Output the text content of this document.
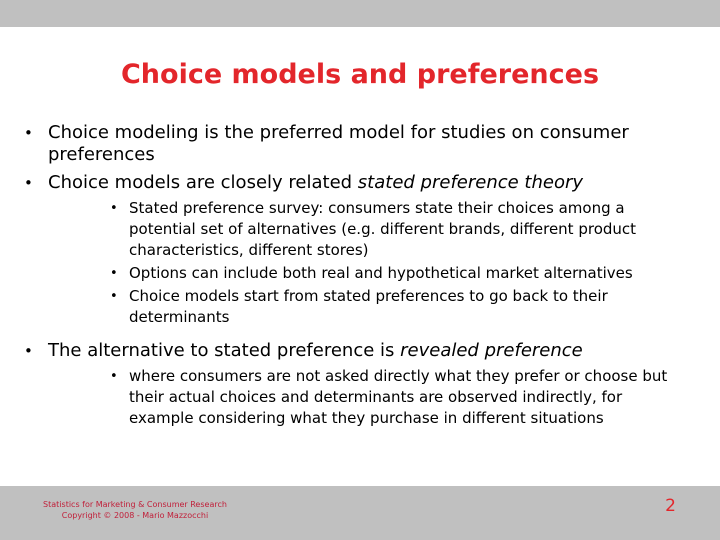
Choice models and preferences
• Choice modeling is the preferred model for studies on consumer preferences
• Choice models are closely related stated preference theory
• Stated preference survey: consumers state their choices among a potential set of alternatives (e.g. different brands, different product characteristics, different stores)
• Options can include both real and hypothetical market alternatives
• Choice models start from stated preferences to go back to their determinants
• The alternative to stated preference is revealed preference
• where consumers are not asked directly what they prefer or choose but their actual choices and determinants are observed indirectly, for example considering what they purchase in different situations
Statistics for Marketing & Consumer Research
Copyright © 2008 - Mario Mazzocchi	2
